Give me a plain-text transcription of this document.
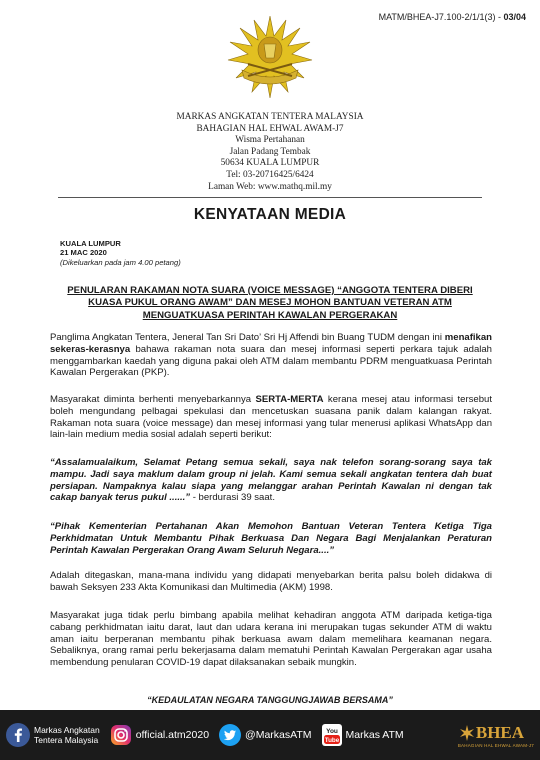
MATM/BHEA-J7.100-2/1/1(3) - 03/04
MARKAS ANGKATAN TENTERA MALAYSIA
BAHAGIAN HAL EHWAL AWAM-J7
Wisma Pertahanan
Jalan Padang Tembak
50634 KUALA LUMPUR
Tel: 03-20716425/6424
Laman Web: www.mathq.mil.my
KENYATAAN MEDIA
KUALA LUMPUR
21 MAC 2020
(Dikeluarkan pada jam 4.00 petang)
PENULARAN RAKAMAN NOTA SUARA (VOICE MESSAGE) “ANGGOTA TENTERA DIBERI KUASA PUKUL ORANG AWAM” DAN MESEJ MOHON BANTUAN VETERAN ATM MENGUATKUASA PERINTAH KAWALAN PERGERAKAN
Panglima Angkatan Tentera, Jeneral Tan Sri Dato’ Sri Hj Affendi bin Buang TUDM dengan ini menafikan sekeras-kerasnya bahawa rakaman nota suara dan mesej informasi seperti perkara tajuk adalah menggambarkan kaedah yang diguna pakai oleh ATM dalam membantu PDRM menguatkuasa Perintah Kawalan Pergerakan (PKP).
Masyarakat diminta berhenti menyebarkannya SERTA-MERTA kerana mesej atau informasi tersebut boleh mengundang pelbagai spekulasi dan mencetuskan suasana panik dalam kalangan rakyat. Rakaman nota suara (voice message) dan mesej informasi yang tular menerusi aplikasi WhatsApp dan lain-lain medium media sosial adalah seperti berikut:
“Assalamualaikum, Selamat Petang semua sekali, saya nak telefon sorang-sorang saya tak mampu. Jadi saya maklum dalam group ni jelah. Kami semua sekali angkatan tentera dah buat persiapan. Nampaknya kalau siapa yang melanggar arahan Perintah Kawalan ni dengan tak cakap banyak terus pukul ......” - berdurasi 39 saat.
“Pihak Kementerian Pertahanan Akan Memohon Bantuan Veteran Tentera Ketiga Tiga Perkhidmatan Untuk Membantu Pihak Berkuasa Dan Negara Bagi Menjalankan Peraturan Perintah Kawalan Pergerakan Orang Awam Seluruh Negara....”
Adalah ditegaskan, mana-mana individu yang didapati menyebarkan berita palsu boleh didakwa di bawah Seksyen 233 Akta Komunikasi dan Multimedia (AKM) 1998.
Masyarakat juga tidak perlu bimbang apabila melihat kehadiran anggota ATM daripada ketiga-tiga cabang perkhidmatan iaitu darat, laut dan udara kerana ini merupakan tugas sekunder ATM di waktu aman iaitu berperanan membantu pihak berkuasa awam dalam memelihara keamanan negara. Sebaliknya, orang ramai perlu bekerjasama dalam mematuhi Perintah Kawalan Pergerakan agar usaha membendung penularan COVID-19 dapat dilaksanakan sebaik mungkin.
“KEDAULATAN NEGARA TANGGUNGJAWAB BERSAMA”
Markas Angkatan
Tentera Malaysia	official.atm2020	@MarkasATM You
Tube Markas ATM	BHEA
BAHAGIAN HAL EHWAL AWAM-J7
